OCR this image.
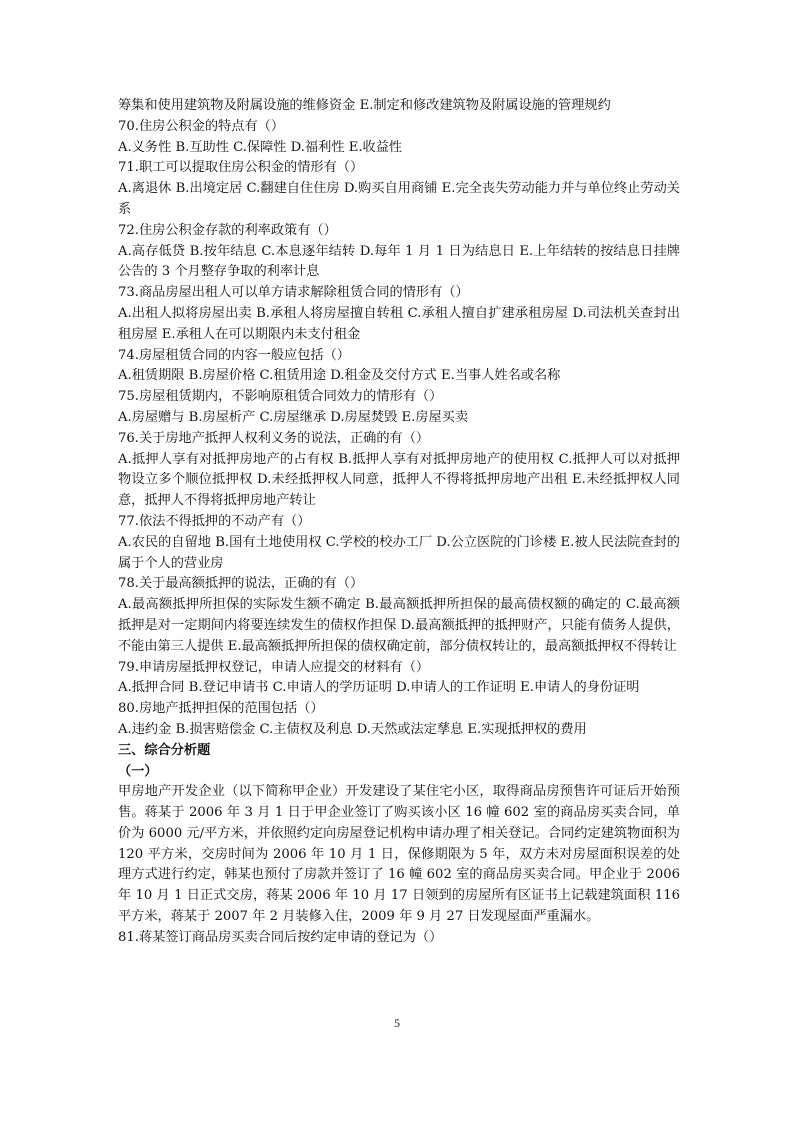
筹集和使用建筑物及附属设施的维修资金 E.制定和修改建筑物及附属设施的管理规约
70.住房公积金的特点有（）
A.义务性 B.互助性 C.保障性 D.福利性 E.收益性
71.职工可以提取住房公积金的情形有（）
A.离退休 B.出境定居 C.翻建自住住房 D.购买自用商铺 E.完全丧失劳动能力并与单位终止劳动关系
72.住房公积金存款的利率政策有（）
A.高存低贷 B.按年结息 C.本息逐年结转 D.每年 1 月 1 日为结息日 E.上年结转的按结息日挂牌公告的 3 个月整存争取的利率计息
73.商品房屋出租人可以单方请求解除租赁合同的情形有（）
A.出租人拟将房屋出卖 B.承租人将房屋擅自转租 C.承租人擅自扩建承租房屋 D.司法机关查封出租房屋 E.承租人在可以期限内未支付租金
74.房屋租赁合同的内容一般应包括（）
A.租赁期限 B.房屋价格 C.租赁用途 D.租金及交付方式 E.当事人姓名或名称
75.房屋租赁期内，不影响原租赁合同效力的情形有（）
A.房屋赠与 B.房屋析产 C.房屋继承 D.房屋焚毁 E.房屋买卖
76.关于房地产抵押人权利义务的说法，正确的有（）
A.抵押人享有对抵押房地产的占有权 B.抵押人享有对抵押房地产的使用权 C.抵押人可以对抵押物设立多个顺位抵押权 D.未经抵押权人同意，抵押人不得将抵押房地产出租 E.未经抵押权人同意，抵押人不得将抵押房地产转让
77.依法不得抵押的不动产有（）
A.农民的自留地 B.国有土地使用权 C.学校的校办工厂 D.公立医院的门诊楼 E.被人民法院查封的属于个人的营业房
78.关于最高额抵押的说法，正确的有（）
A.最高额抵押所担保的实际发生额不确定 B.最高额抵押所担保的最高债权额的确定的 C.最高额抵押是对一定期间内将要连续发生的债权作担保 D.最高额抵押的抵押财产，只能有债务人提供，不能由第三人提供 E.最高额抵押所担保的债权确定前，部分债权转让的，最高额抵押权不得转让
79.申请房屋抵押权登记，申请人应提交的材料有（）
A.抵押合同 B.登记申请书 C.申请人的学历证明 D.申请人的工作证明 E.申请人的身份证明
80.房地产抵押担保的范围包括（）
A.违约金 B.损害赔偿金 C.主债权及利息 D.天然或法定孳息 E.实现抵押权的费用
三、综合分析题
（一）
甲房地产开发企业（以下简称甲企业）开发建设了某住宅小区，取得商品房预售许可证后开始预售。蒋某于 2006 年 3 月 1 日于甲企业签订了购买该小区 16 幢 602 室的商品房买卖合同，单价为 6000 元/平方米，并依照约定向房屋登记机构申请办理了相关登记。合同约定建筑物面积为 120 平方米，交房时间为 2006 年 10 月 1 日，保修期限为 5 年，双方未对房屋面积误差的处理方式进行约定，韩某也预付了房款并签订了 16 幢 602 室的商品房买卖合同。甲企业于 2006 年 10 月 1 日正式交房，蒋某 2006 年 10 月 17 日领到的房屋所有区证书上记载建筑面积 116 平方米，蒋某于 2007 年 2 月装修入住，2009 年 9 月 27 日发现屋面严重漏水。
81.蒋某签订商品房买卖合同后按约定申请的登记为（）
5
